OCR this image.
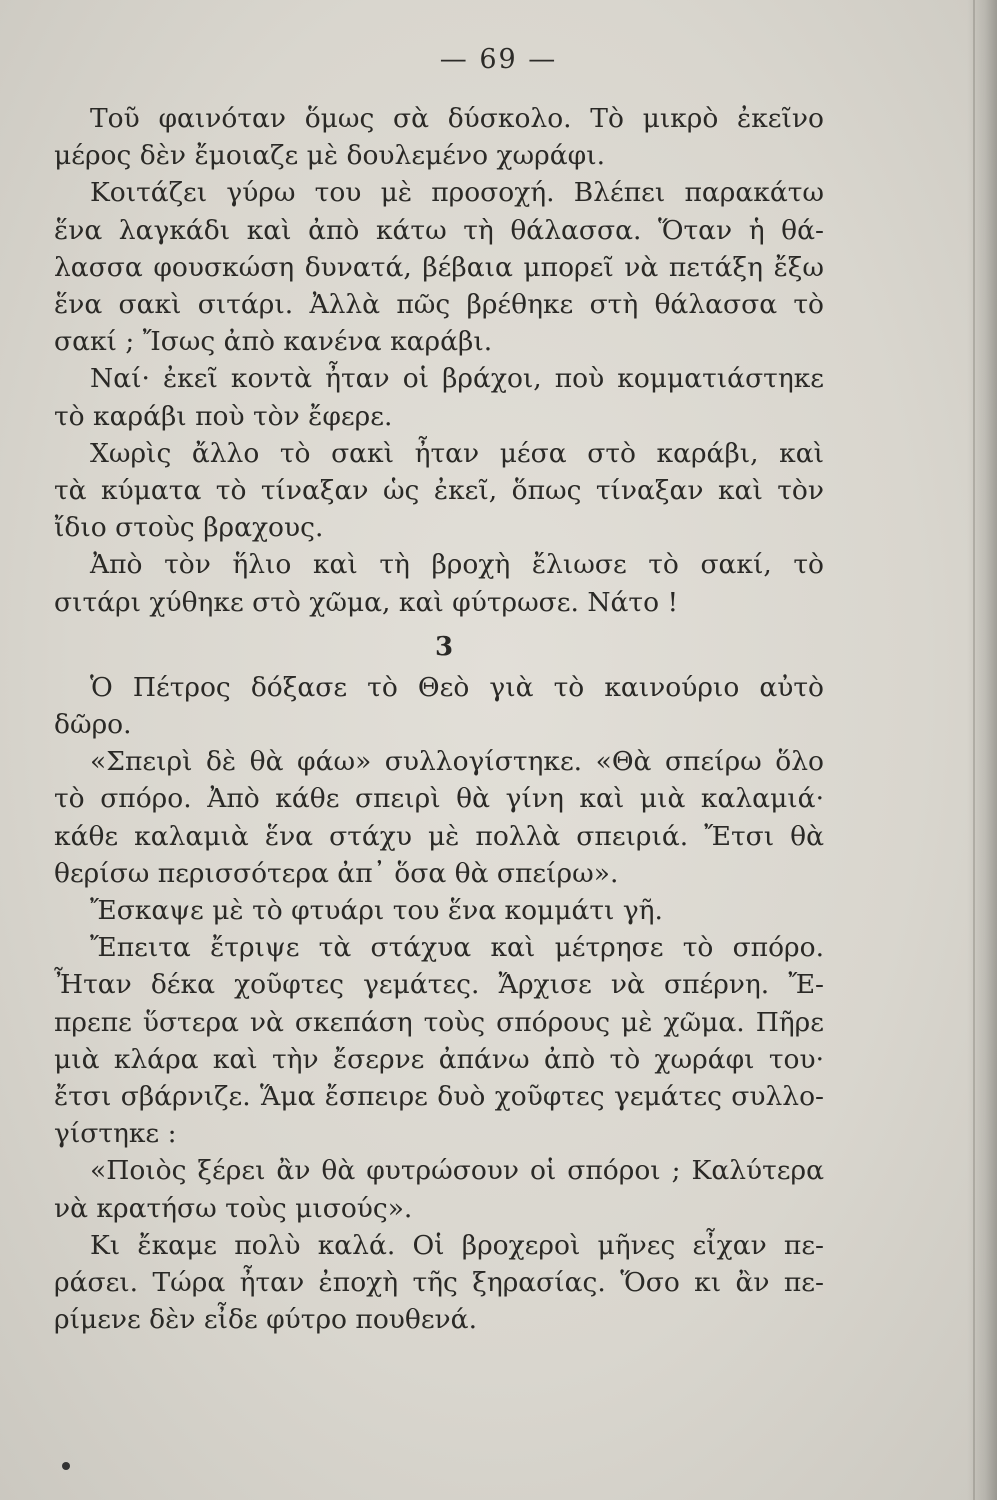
— 69 —
Τοῦ φαινόταν ὅμως σὰ δύσκολο. Τὸ μικρὸ ἐκεῖνο
μέρος δὲν ἔμοιαζε μὲ δουλεμένο χωράφι.
Κοιτάζει γύρω του μὲ προσοχή. Βλέπει παρακάτω
ἕνα λαγκάδι καὶ ἀπὸ κάτω τὴ θάλασσα. Ὅταν ἡ θά-
λασσα φουσκώση δυνατά, βέβαια μπορεῖ νὰ πετάξη ἔξω
ἕνα σακὶ σιτάρι. Ἀλλὰ πῶς βρέθηκε στὴ θάλασσα τὸ
σακί ; Ἴσως ἀπὸ κανένα καράβι.
Ναί· ἐκεῖ κοντὰ ἦταν οἱ βράχοι, ποὺ κομματιάστηκε
τὸ καράβι ποὺ τὸν ἔφερε.
Χωρὶς ἄλλο τὸ σακὶ ἦταν μέσα στὸ καράβι, καὶ
τὰ κύματα τὸ τίναξαν ὡς ἐκεῖ, ὅπως τίναξαν καὶ τὸν
ἴδιο στοὺς βραχους.
Ἀπὸ τὸν ἥλιο καὶ τὴ βροχὴ ἔλιωσε τὸ σακί, τὸ
σιτάρι χύθηκε στὸ χῶμα, καὶ φύτρωσε. Νάτο !
3
Ὁ Πέτρος δόξασε τὸ Θεὸ γιὰ τὸ καινούριο αὐτὸ
δῶρο.
«Σπειρὶ δὲ θὰ φάω» συλλογίστηκε. «Θὰ σπείρω ὅλο
τὸ σπόρο. Ἀπὸ κάθε σπειρὶ θὰ γίνη καὶ μιὰ καλαμιά·
κάθε καλαμιὰ ἕνα στάχυ μὲ πολλὰ σπειριά. Ἔτσι θὰ
θερίσω περισσότερα ἀπ᾽ ὅσα θὰ σπείρω».
Ἔσκαψε μὲ τὸ φτυάρι του ἕνα κομμάτι γῆ.
Ἔπειτα ἔτριψε τὰ στάχυα καὶ μέτρησε τὸ σπόρο.
Ἦταν δέκα χοῦφτες γεμάτες. Ἄρχισε νὰ σπέρνη. Ἔ-
πρεπε ὕστερα νὰ σκεπάση τοὺς σπόρους μὲ χῶμα. Πῆρε
μιὰ κλάρα καὶ τὴν ἔσερνε ἀπάνω ἀπὸ τὸ χωράφι του·
ἔτσι σβάρνιζε. Ἅμα ἔσπειρε δυὸ χοῦφτες γεμάτες συλλο-
γίστηκε :
«Ποιὸς ξέρει ἂν θὰ φυτρώσουν οἱ σπόροι ; Καλύτερα
νὰ κρατήσω τοὺς μισούς».
Κι ἔκαμε πολὺ καλά. Οἱ βροχεροὶ μῆνες εἶχαν πε-
ράσει. Τώρα ἦταν ἐποχὴ τῆς ξηρασίας. Ὅσο κι ἂν πε-
ρίμενε δὲν εἶδε φύτρο πουθενά.
